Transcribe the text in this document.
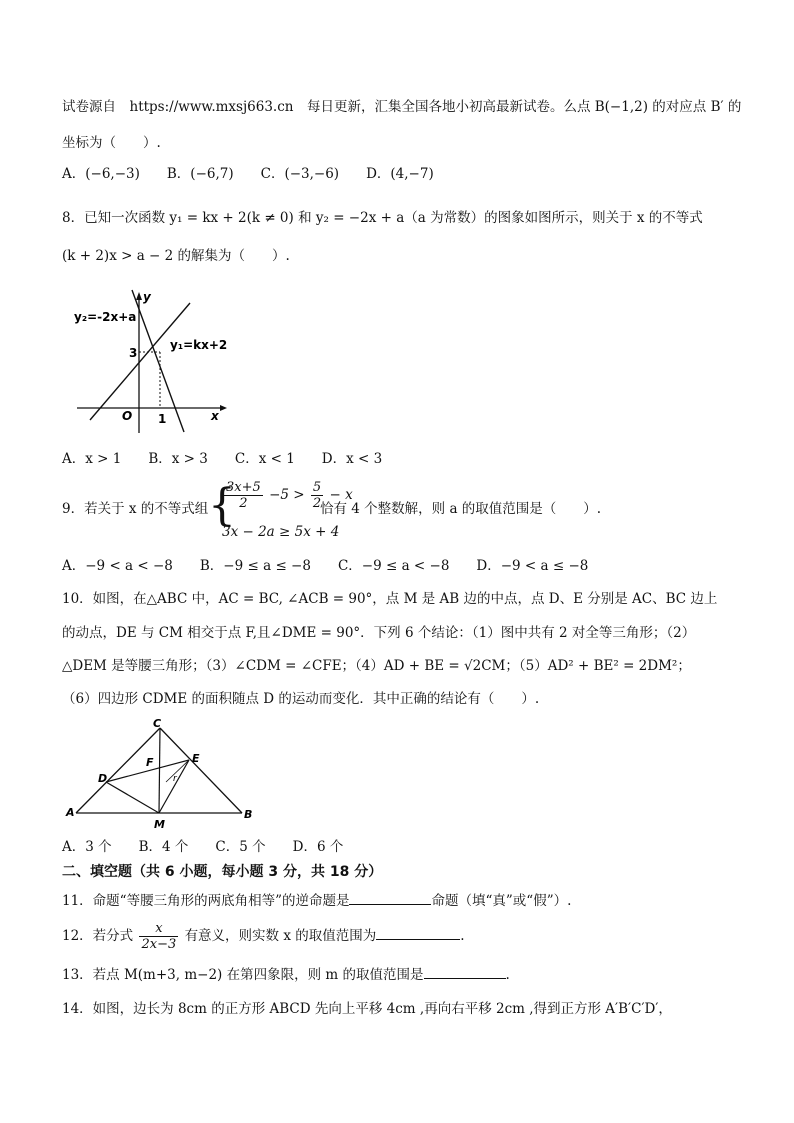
试卷源自　https://www.mxsj663.cn　每日更新，汇集全国各地小初高最新试卷。么点 B(−1,2) 的对应点 B′ 的
坐标为（　　）.
A．(−6,−3)　　B．(−6,7)　　C．(−3,−6)　　D．(4,−7)
8．已知一次函数 y₁ = kx + 2(k ≠ 0) 和 y₂ = −2x + a（a 为常数）的图象如图所示，则关于 x 的不等式
(k + 2)x > a − 2 的解集为（　　）.
y₂=-2x+a
y₁=kx+2
y
x
O
3
1
A．x > 1　　B．x > 3　　C．x < 1　　D．x < 3
9．若关于 x 的不等式组 {
$\frac{3x+5}{2} -5 > \frac{5}{2} - x$
3x − 2a ≥ 5x + 4
恰有 4 个整数解，则 a 的取值范围是（　　）.
A．−9 < a < −8　　B．−9 ≤ a ≤ −8　　C．−9 ≤ a < −8　　D．−9 < a ≤ −8
10．如图，在△ABC 中，AC = BC, ∠ACB = 90°，点 M 是 AB 边的中点，点 D、E 分别是 AC、BC 边上
的动点，DE 与 CM 相交于点 F,且∠DME = 90°．下列 6 个结论：（1）图中共有 2 对全等三角形；（2）
△DEM 是等腰三角形；（3）∠CDM = ∠CFE；（4）AD + BE = √2CM；（5）AD² + BE² = 2DM²；
（6）四边形 CDME 的面积随点 D 的运动而变化．其中正确的结论有（　　）.
C
F	E
D
A
M
B
r
A．3 个　　B．4 个　　C．5 个　　D．6 个
二、填空题（共 6 小题，每小题 3 分，共 18 分）
11．命题“等腰三角形的两底角相等”的逆命题是	命题（填“真”或“假”）.
12．若分式 $\frac{x}{2x-3}$ 有意义，则实数 x 的取值范围为	.
13．若点 M(m+3, m−2) 在第四象限，则 m 的取值范围是	.
14．如图，边长为 8cm 的正方形 ABCD 先向上平移 4cm ,再向右平移 2cm ,得到正方形 A′B′C′D′，
